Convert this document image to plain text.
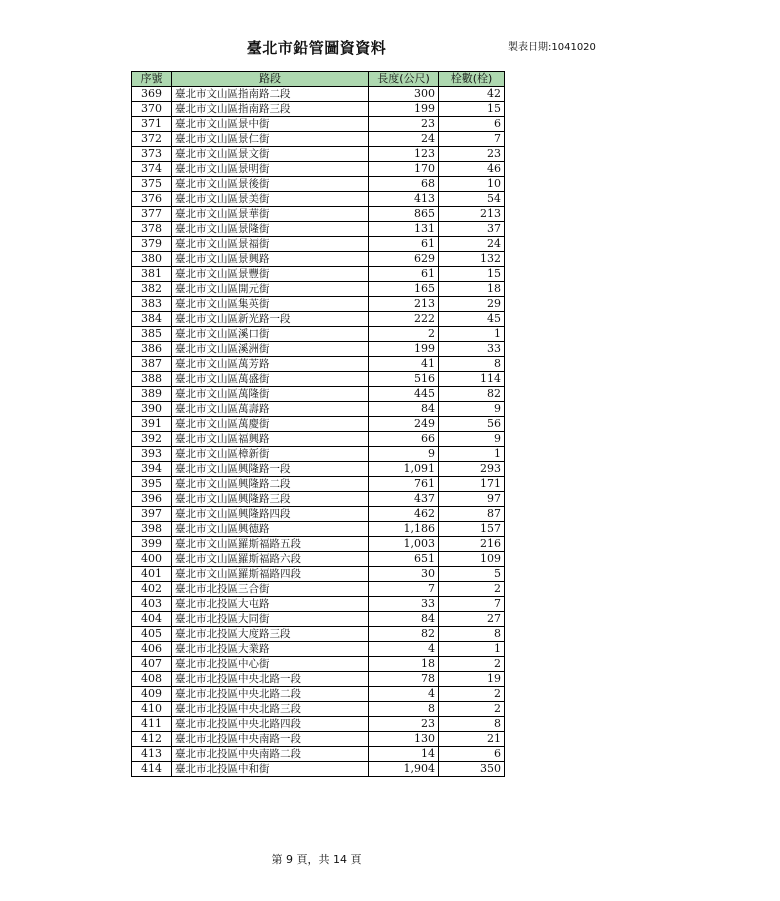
臺北市鉛管圖資資料	製表日期:1041020
序號	路段	長度(公尺)	栓數(栓)
369	臺北市文山區指南路二段	300	42
370	臺北市文山區指南路三段	199	15
371	臺北市文山區景中街	23	6
372	臺北市文山區景仁街	24	7
373	臺北市文山區景文街	123	23
374	臺北市文山區景明街	170	46
375	臺北市文山區景後街	68	10
376	臺北市文山區景美街	413	54
377	臺北市文山區景華街	865	213
378	臺北市文山區景隆街	131	37
379	臺北市文山區景福街	61	24
380	臺北市文山區景興路	629	132
381	臺北市文山區景豐街	61	15
382	臺北市文山區開元街	165	18
383	臺北市文山區集英街	213	29
384	臺北市文山區新光路一段	222	45
385	臺北市文山區溪口街	2	1
386	臺北市文山區溪洲街	199	33
387	臺北市文山區萬芳路	41	8
388	臺北市文山區萬盛街	516	114
389	臺北市文山區萬隆街	445	82
390	臺北市文山區萬壽路	84	9
391	臺北市文山區萬慶街	249	56
392	臺北市文山區福興路	66	9
393	臺北市文山區樟新街	9	1
394	臺北市文山區興隆路一段	1,091	293
395	臺北市文山區興隆路二段	761	171
396	臺北市文山區興隆路三段	437	97
397	臺北市文山區興隆路四段	462	87
398	臺北市文山區興德路	1,186	157
399	臺北市文山區羅斯福路五段	1,003	216
400	臺北市文山區羅斯福路六段	651	109
401	臺北市文山區羅斯福路四段	30	5
402	臺北市北投區三合街	7	2
403	臺北市北投區大屯路	33	7
404	臺北市北投區大同街	84	27
405	臺北市北投區大度路三段	82	8
406	臺北市北投區大業路	4	1
407	臺北市北投區中心街	18	2
408	臺北市北投區中央北路一段	78	19
409	臺北市北投區中央北路二段	4	2
410	臺北市北投區中央北路三段	8	2
411	臺北市北投區中央北路四段	23	8
412	臺北市北投區中央南路一段	130	21
413	臺北市北投區中央南路二段	14	6
414	臺北市北投區中和街	1,904	350
第 9 頁，共 14 頁
